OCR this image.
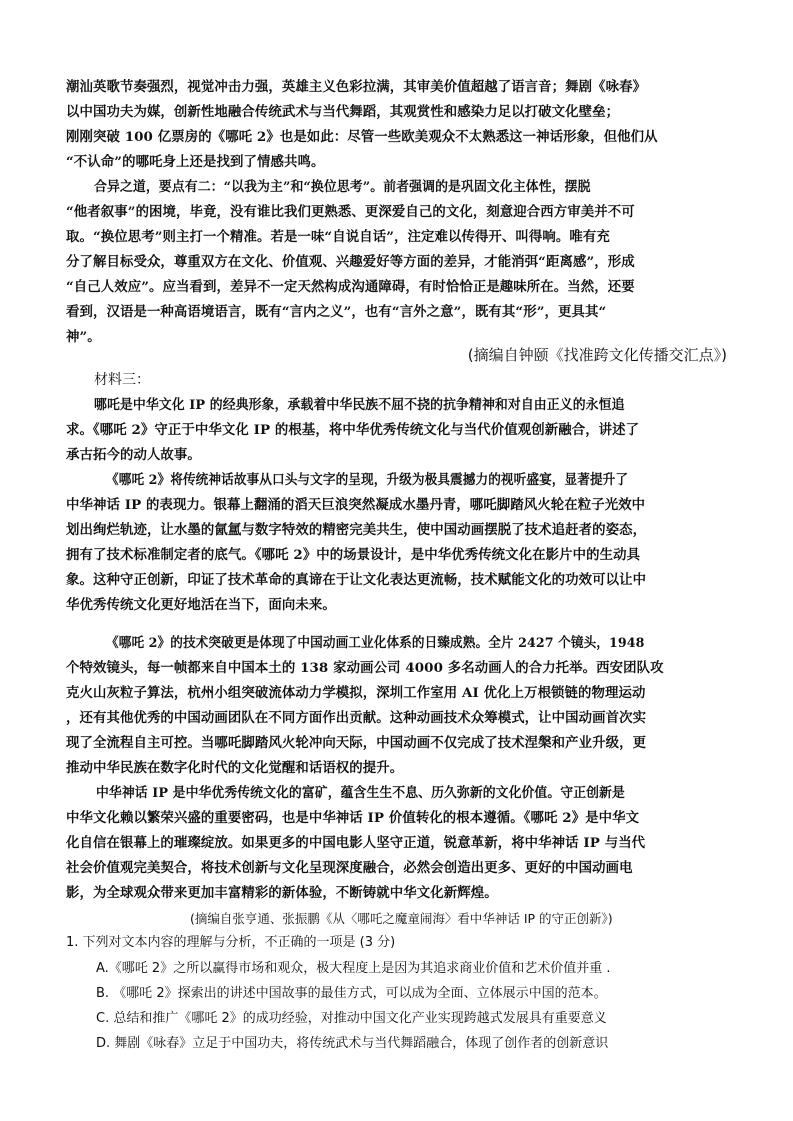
潮汕英歌节奏强烈，视觉冲击力强，英雄主义色彩拉满，其审美价值超越了语言音；舞剧《咏春》
以中国功夫为媒，创新性地融合传统武术与当代舞蹈，其观赏性和感染力足以打破文化壁垒；
刚刚突破 100 亿票房的《哪吒 2》也是如此：尽管一些欧美观众不太熟悉这一神话形象，但他们从
“不认命”的哪吒身上还是找到了情感共鸣。
合异之道，要点有二：“以我为主”和“换位思考”。前者强调的是巩固文化主体性，摆脱
“他者叙事”的困境，毕竟，没有谁比我们更熟悉、更深爱自己的文化，刻意迎合西方审美并不可
取。“换位思考”则主打一个精准。若是一味“自说自话”，注定难以传得开、叫得响。唯有充
分了解目标受众，尊重双方在文化、价值观、兴趣爱好等方面的差异，才能消弭“距离感”，形成
“自己人效应”。应当看到，差异不一定天然构成沟通障碍，有时恰恰正是趣味所在。当然，还要
看到，汉语是一种高语境语言，既有“言内之义”，也有“言外之意”，既有其“形”，更具其“
神”。
(摘编自钟颐《找准跨文化传播交汇点》)
材料三：
哪吒是中华文化 IP 的经典形象，承载着中华民族不屈不挠的抗争精神和对自由正义的永恒追
求。《哪吒 2》守正于中华文化 IP 的根基，将中华优秀传统文化与当代价值观创新融合，讲述了
承古拓今的动人故事。
《哪吒 2》将传统神话故事从口头与文字的呈现，升级为极具震撼力的视听盛宴，显著提升了
中华神话 IP 的表现力。银幕上翻涌的滔天巨浪突然凝成水墨丹青，哪吒脚踏风火轮在粒子光效中
划出绚烂轨迹，让水墨的氤氲与数字特效的精密完美共生，使中国动画摆脱了技术追赶者的姿态，
拥有了技术标准制定者的底气。《哪吒 2》中的场景设计，是中华优秀传统文化在影片中的生动具
象。这种守正创新，印证了技术革命的真谛在于让文化表达更流畅，技术赋能文化的功效可以让中
华优秀传统文化更好地活在当下，面向未来。
《哪吒 2》的技术突破更是体现了中国动画工业化体系的日臻成熟。全片 2427 个镜头，1948
个特效镜头，每一帧都来自中国本土的 138 家动画公司 4000 多名动画人的合力托举。西安团队攻
克火山灰粒子算法，杭州小组突破流体动力学模拟，深圳工作室用 AI 优化上万根锁链的物理运动
，还有其他优秀的中国动画团队在不同方面作出贡献。这种动画技术众筹模式，让中国动画首次实
现了全流程自主可控。当哪吒脚踏风火轮冲向天际，中国动画不仅完成了技术涅槃和产业升级，更
推动中华民族在数字化时代的文化觉醒和话语权的提升。
中华神话 IP 是中华优秀传统文化的富矿，蕴含生生不息、历久弥新的文化价值。守正创新是
中华文化赖以繁荣兴盛的重要密码，也是中华神话 IP 价值转化的根本遵循。《哪吒 2》是中华文
化自信在银幕上的璀璨绽放。如果更多的中国电影人坚守正道，锐意革新，将中华神话 IP 与当代
社会价值观完美契合，将技术创新与文化呈现深度融合，必然会创造出更多、更好的中国动画电
影，为全球观众带来更加丰富精彩的新体验，不断铸就中华文化新辉煌。
(摘编自张亨通、张振鹏《从〈哪吒之魔童闹海〉看中华神话 IP 的守正创新》)
1. 下列对文本内容的理解与分析，不正确的一项是 (3 分)
A.《哪吒 2》之所以赢得市场和观众，极大程度上是因为其追求商业价值和艺术价值并重 .
B. 《哪吒 2》探索出的讲述中国故事的最佳方式，可以成为全面、立体展示中国的范本。
C. 总结和推广《哪吒 2》的成功经验，对推动中国文化产业实现跨越式发展具有重要意义
D. 舞剧《咏春》立足于中国功夫，将传统武术与当代舞蹈融合，体现了创作者的创新意识
